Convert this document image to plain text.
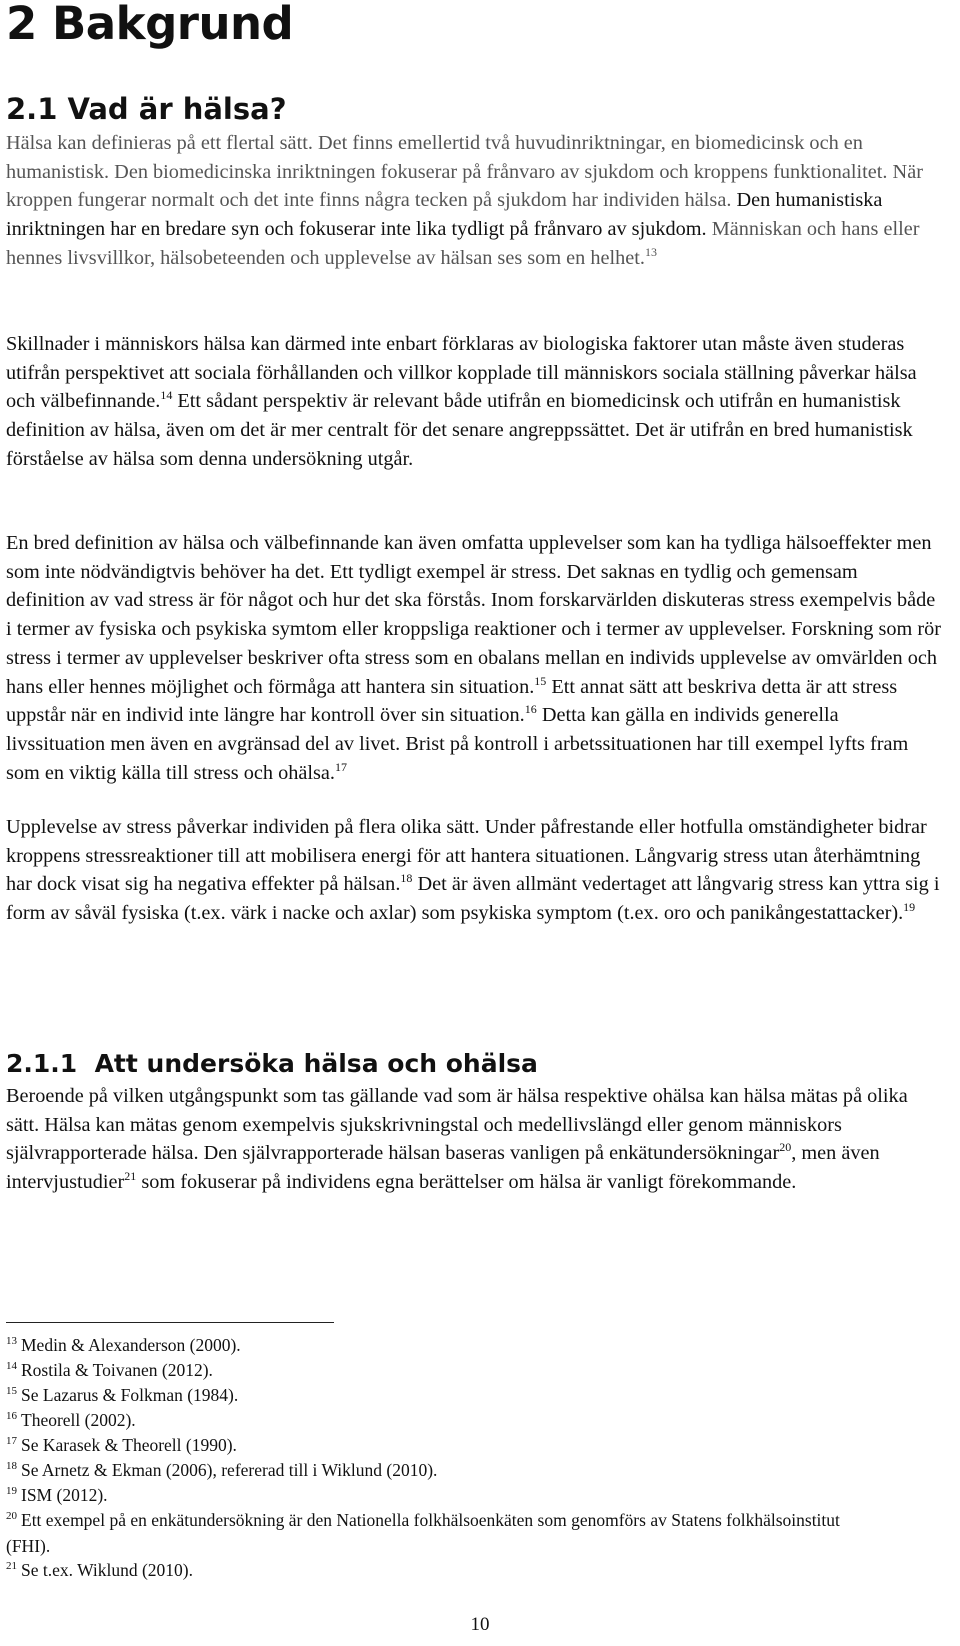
2 Bakgrund
2.1 Vad är hälsa?

Hälsa kan definieras på ett flertal sätt. Det finns emellertid två huvudinriktningar, en biomedicinsk och en humanistisk. Den biomedicinska inriktningen fokuserar på frånvaro av sjukdom och kroppens funktionalitet. När kroppen fungerar normalt och det inte finns några tecken på sjukdom har individen hälsa. Den humanistiska inriktningen har en bredare syn och fokuserar inte lika tydligt på frånvaro av sjukdom. Människan och hans eller hennes livsvillkor, hälsobeteenden och upplevelse av hälsan ses som en helhet.$^{13}$

Skillnader i människors hälsa kan därmed inte enbart förklaras av biologiska faktorer utan måste även studeras utifrån perspektivet att sociala förhållanden och villkor kopplade till människors sociala ställning påverkar hälsa och välbefinnande.$^{14}$ Ett sådant perspektiv är relevant både utifrån en biomedicinsk och utifrån en humanistisk definition av hälsa, även om det är mer centralt för det senare angreppssättet. Det är utifrån en bred humanistisk förståelse av hälsa som denna undersökning utgår.

En bred definition av hälsa och välbefinnande kan även omfatta upplevelser som kan ha tydliga hälsoeffekter men som inte nödvändigtvis behöver ha det. Ett tydligt exempel är stress. Det saknas en tydlig och gemensam definition av vad stress är för något och hur det ska förstås. Inom forskarvärlden diskuteras stress exempelvis både i termer av fysiska och psykiska symtom eller kroppsliga reaktioner och i termer av upplevelser. Forskning som rör stress i termer av upplevelser beskriver ofta stress som en obalans mellan en individs upplevelse av omvärlden och hans eller hennes möjlighet och förmåga att hantera sin situation.$^{15}$ Ett annat sätt att beskriva detta är att stress uppstår när en individ inte längre har kontroll över sin situation.$^{16}$ Detta kan gälla en individs generella livssituation men även en avgränsad del av livet. Brist på kontroll i arbetssituationen har till exempel lyfts fram som en viktig källa till stress och ohälsa.$^{17}$

Upplevelse av stress påverkar individen på flera olika sätt. Under påfrestande eller hotfulla omständigheter bidrar kroppens stressreaktioner till att mobilisera energi för att hantera situationen. Långvarig stress utan återhämtning har dock visat sig ha negativa effekter på hälsan.$^{18}$ Det är även allmänt vedertaget att långvarig stress kan yttra sig i form av såväl fysiska (t.ex. värk i nacke och axlar) som psykiska symptom (t.ex. oro och panikångestattacker).$^{19}$

2.1.1  Att undersöka hälsa och ohälsa

Beroende på vilken utgångspunkt som tas gällande vad som är hälsa respektive ohälsa kan hälsa mätas på olika sätt. Hälsa kan mätas genom exempelvis sjukskrivningstal och medellivslängd eller genom människors självrapporterade hälsa. Den självrapporterade hälsan baseras vanligen på enkätundersökningar$^{20}$, men även intervjustudier$^{21}$ som fokuserar på individens egna berättelser om hälsa är vanligt förekommande.

$^{13}$ Medin & Alexanderson (2000).
$^{14}$ Rostila & Toivanen (2012).
$^{15}$ Se Lazarus & Folkman (1984).
$^{16}$ Theorell (2002).
$^{17}$ Se Karasek & Theorell (1990).
$^{18}$ Se Arnetz & Ekman (2006), refererad till i Wiklund (2010).
$^{19}$ ISM (2012).
$^{20}$ Ett exempel på en enkätundersökning är den Nationella folkhälsoenkäten som genomförs av Statens folkhälsoinstitut (FHI).
$^{21}$ Se t.ex. Wiklund (2010).
10
